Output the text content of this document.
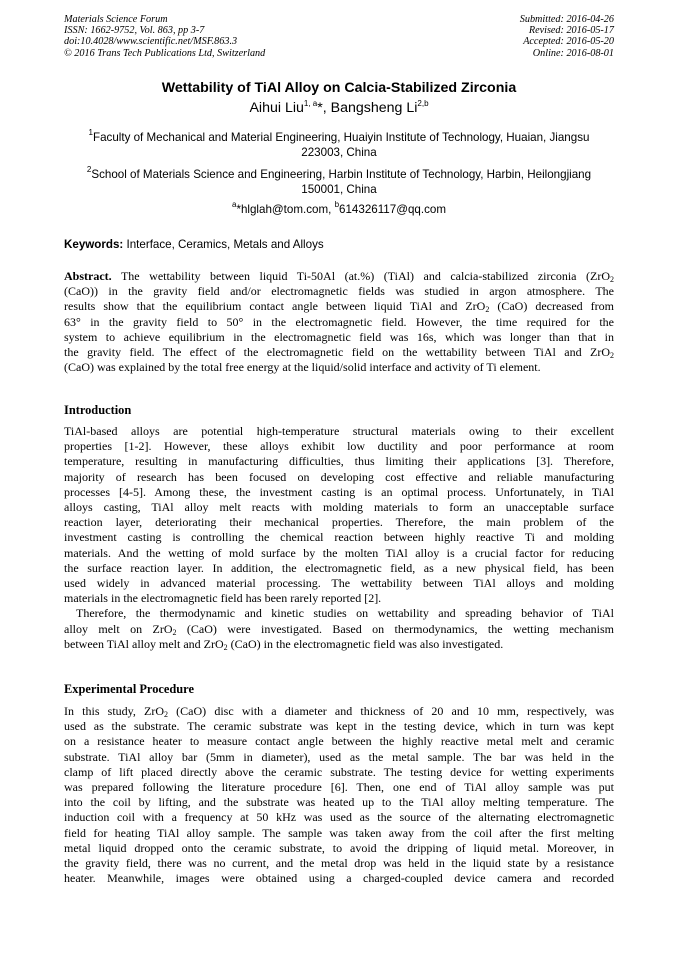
Materials Science Forum
ISSN: 1662-9752, Vol. 863, pp 3-7
doi:10.4028/www.scientific.net/MSF.863.3
© 2016 Trans Tech Publications Ltd, Switzerland
Submitted: 2016-04-26
Revised: 2016-05-17
Accepted: 2016-05-20
Online: 2016-08-01
Wettability of TiAl Alloy on Calcia-Stabilized Zirconia
Aihui Liu$^{1, a}$*, Bangsheng Li$^{2,b}$
$^1$Faculty of Mechanical and Material Engineering, Huaiyin Institute of Technology, Huaian, Jiangsu
223003, China
$^2$School of Materials Science and Engineering, Harbin Institute of Technology, Harbin, Heilongjiang
150001, China
$^a$*hlglah@tom.com, $^b$614326117@qq.com
Keywords: Interface, Ceramics, Metals and Alloys
Abstract. The wettability between liquid Ti-50Al (at.%) (TiAl) and calcia-stabilized zirconia (ZrO$_2$
(CaO)) in the gravity field and/or electromagnetic fields was studied in argon atmosphere. The
results show that the equilibrium contact angle between liquid TiAl and ZrO$_2$ (CaO) decreased from
63° in the gravity field to 50° in the electromagnetic field. However, the time required for the
system to achieve equilibrium in the electromagnetic field was 16s, which was longer than that in
the gravity field. The effect of the electromagnetic field on the wettability between TiAl and ZrO$_2$
(CaO) was explained by the total free energy at the liquid/solid interface and activity of Ti element.
Introduction
TiAl-based alloys are potential high-temperature structural materials owing to their excellent
properties [1-2]. However, these alloys exhibit low ductility and poor performance at room
temperature, resulting in manufacturing difficulties, thus limiting their applications [3]. Therefore,
majority of research has been focused on developing cost effective and reliable manufacturing
processes [4-5]. Among these, the investment casting is an optimal process. Unfortunately, in TiAl
alloys casting, TiAl alloy melt reacts with molding materials to form an unacceptable surface
reaction layer, deteriorating their mechanical properties. Therefore, the main problem of the
investment casting is controlling the chemical reaction between highly reactive Ti and molding
materials. And the wetting of mold surface by the molten TiAl alloy is a crucial factor for reducing
the surface reaction layer. In addition, the electromagnetic field, as a new physical field, has been
used widely in advanced material processing. The wettability between TiAl alloys and molding
materials in the electromagnetic field has been rarely reported [2].
Therefore, the thermodynamic and kinetic studies on wettability and spreading behavior of TiAl
alloy melt on ZrO$_2$ (CaO) were investigated. Based on thermodynamics, the wetting mechanism
between TiAl alloy melt and ZrO$_2$ (CaO) in the electromagnetic field was also investigated.
Experimental Procedure
In this study, ZrO$_2$ (CaO) disc with a diameter and thickness of 20 and 10 mm, respectively, was
used as the substrate. The ceramic substrate was kept in the testing device, which in turn was kept
on a resistance heater to measure contact angle between the highly reactive metal melt and ceramic
substrate. TiAl alloy bar (5mm in diameter), used as the metal sample. The bar was held in the
clamp of lift placed directly above the ceramic substrate. The testing device for wetting experiments
was prepared following the literature procedure [6]. Then, one end of TiAl alloy sample was put
into the coil by lifting, and the substrate was heated up to the TiAl alloy melting temperature. The
induction coil with a frequency at 50 kHz was used as the source of the alternating electromagnetic
field for heating TiAl alloy sample. The sample was taken away from the coil after the first melting
metal liquid dropped onto the ceramic substrate, to avoid the dripping of liquid metal. Moreover, in
the gravity field, there was no current, and the metal drop was held in the liquid state by a resistance
heater. Meanwhile, images were obtained using a charged-coupled device camera and recorded
